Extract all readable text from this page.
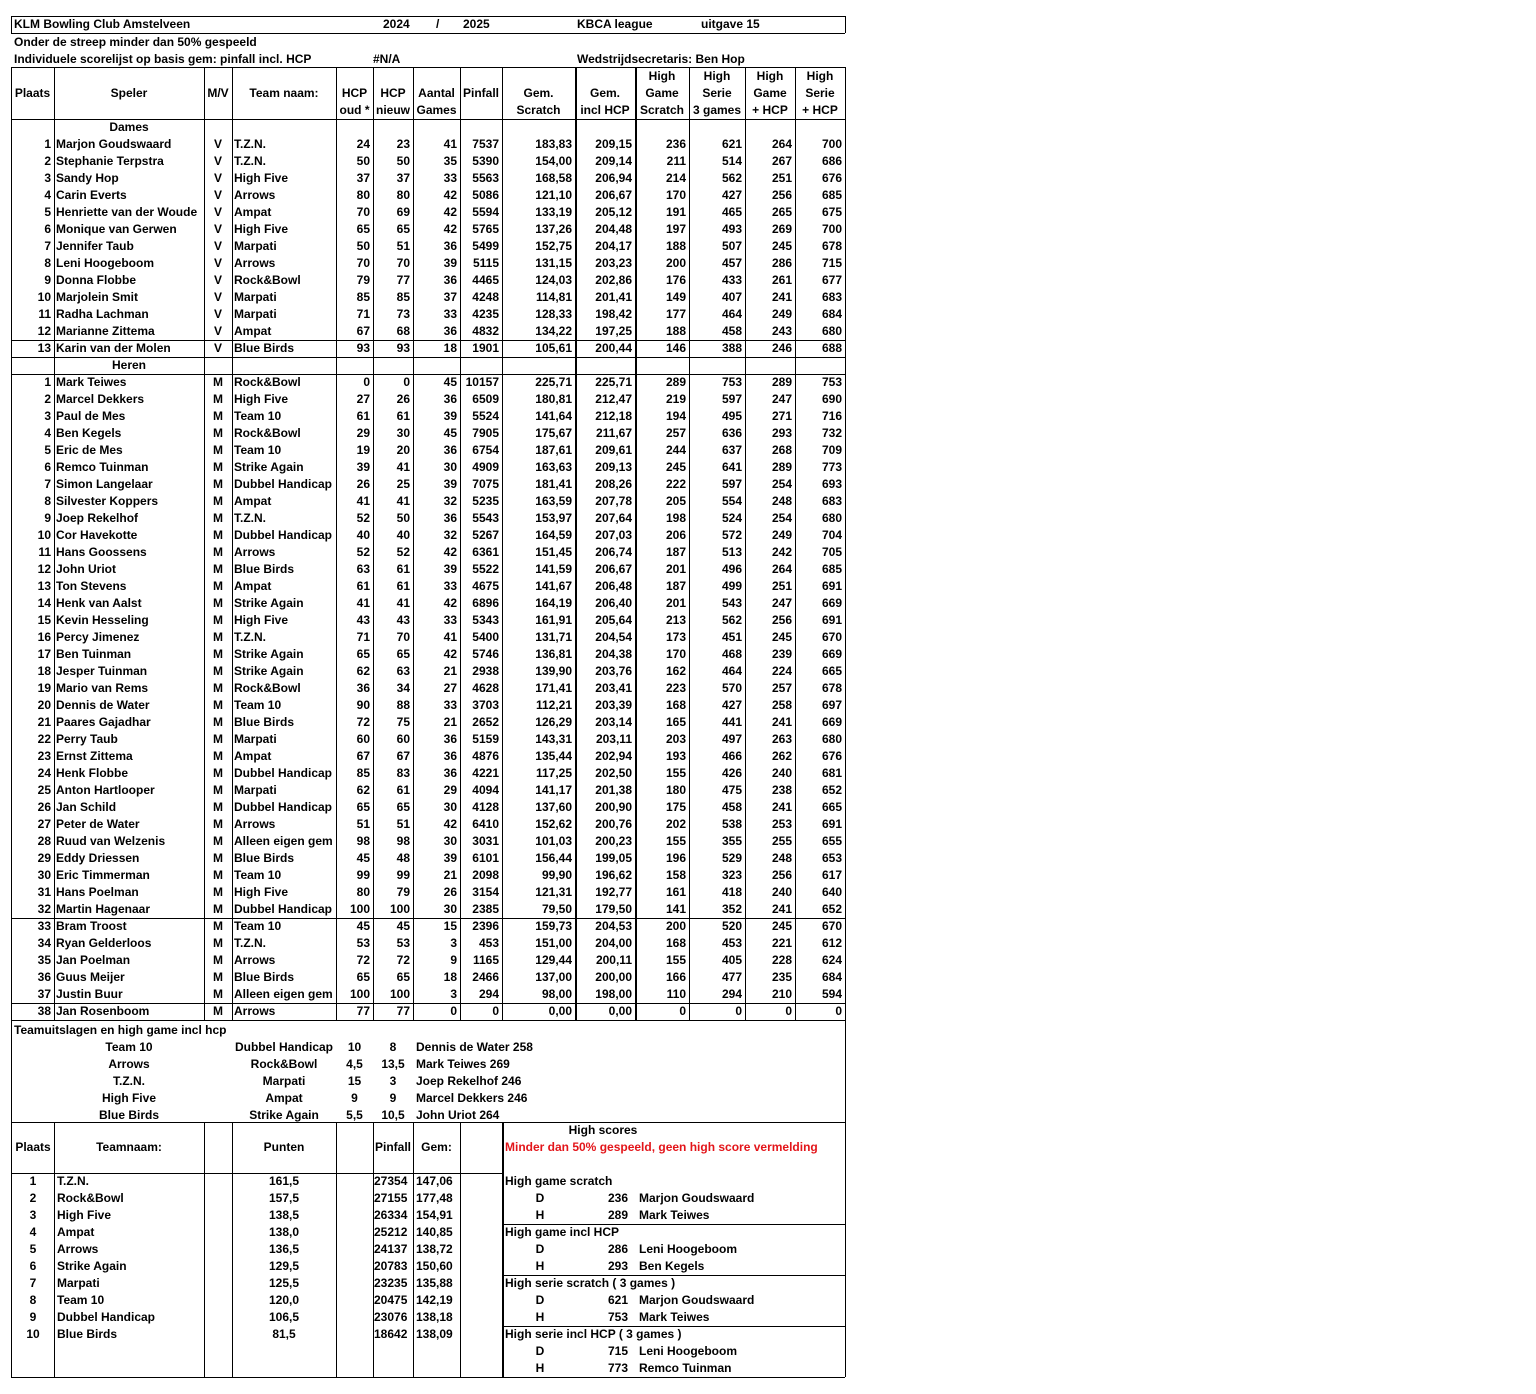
KLM Bowling Club Amstelveen	2024	/	2025	KBCA league	uitgave 15
Onder de streep minder dan 50% gespeeld
Individuele scorelijst op basis gem: pinfall incl. HCP	#N/A	Wedstrijdsecretaris: Ben Hop
Plaats	Speler	M/V	Team naam:	HCP
oud *
HCP
nieuw
Aantal
Games
Pinfall	Gem.
Scratch
Gem.
incl HCP
High
Game
Scratch
High
Serie
3 games
High
Game
+ HCP
High
Serie
+ HCP
Dames
Heren
1 Marjon Goudswaard	V	T.Z.N.	24	23	41	7537	183,83	209,15	236	621	264	700
2 Stephanie Terpstra	V	T.Z.N.	50	50	35	5390	154,00	209,14	211	514	267	686
3 Sandy Hop	V	High Five	37	37	33	5563	168,58	206,94	214	562	251	676
4 Carin Everts	V	Arrows	80	80	42	5086	121,10	206,67	170	427	256	685
5 Henriette van der Woude	V	Ampat	70	69	42	5594	133,19	205,12	191	465	265	675
6 Monique van Gerwen	V	High Five	65	65	42	5765	137,26	204,48	197	493	269	700
7 Jennifer Taub	V	Marpati	50	51	36	5499	152,75	204,17	188	507	245	678
8 Leni Hoogeboom	V	Arrows	70	70	39	5115	131,15	203,23	200	457	286	715
9 Donna Flobbe	V	Rock&Bowl	79	77	36	4465	124,03	202,86	176	433	261	677
10 Marjolein Smit	V	Marpati	85	85	37	4248	114,81	201,41	149	407	241	683
11 Radha Lachman	V	Marpati	71	73	33	4235	128,33	198,42	177	464	249	684
12 Marianne Zittema	V	Ampat	67	68	36	4832	134,22	197,25	188	458	243	680
13 Karin van der Molen	V	Blue Birds	93	93	18	1901	105,61	200,44	146	388	246	688
1 Mark Teiwes	M Rock&Bowl	0	0	45 10157	225,71	225,71	289	753	289	753
2 Marcel Dekkers	M High Five	27	26	36	6509	180,81	212,47	219	597	247	690
3 Paul de Mes	M Team 10	61	61	39	5524	141,64	212,18	194	495	271	716
4 Ben Kegels	M Rock&Bowl	29	30	45	7905	175,67	211,67	257	636	293	732
5 Eric de Mes	M Team 10	19	20	36	6754	187,61	209,61	244	637	268	709
6 Remco Tuinman	M Strike Again	39	41	30	4909	163,63	209,13	245	641	289	773
7 Simon Langelaar	M Dubbel Handicap	26	25	39	7075	181,41	208,26	222	597	254	693
8 Silvester Koppers	M Ampat	41	41	32	5235	163,59	207,78	205	554	248	683
9 Joep Rekelhof	M T.Z.N.	52	50	36	5543	153,97	207,64	198	524	254	680
10 Cor Havekotte	M Dubbel Handicap	40	40	32	5267	164,59	207,03	206	572	249	704
11 Hans Goossens	M Arrows	52	52	42	6361	151,45	206,74	187	513	242	705
12 John Uriot	M Blue Birds	63	61	39	5522	141,59	206,67	201	496	264	685
13 Ton Stevens	M Ampat	61	61	33	4675	141,67	206,48	187	499	251	691
14 Henk van Aalst	M Strike Again	41	41	42	6896	164,19	206,40	201	543	247	669
15 Kevin Hesseling	M High Five	43	43	33	5343	161,91	205,64	213	562	256	691
16 Percy Jimenez	M T.Z.N.	71	70	41	5400	131,71	204,54	173	451	245	670
17 Ben Tuinman	M Strike Again	65	65	42	5746	136,81	204,38	170	468	239	669
18 Jesper Tuinman	M Strike Again	62	63	21	2938	139,90	203,76	162	464	224	665
19 Mario van Rems	M Rock&Bowl	36	34	27	4628	171,41	203,41	223	570	257	678
20 Dennis de Water	M Team 10	90	88	33	3703	112,21	203,39	168	427	258	697
21 Paares Gajadhar	M Blue Birds	72	75	21	2652	126,29	203,14	165	441	241	669
22 Perry Taub	M Marpati	60	60	36	5159	143,31	203,11	203	497	263	680
23 Ernst Zittema	M Ampat	67	67	36	4876	135,44	202,94	193	466	262	676
24 Henk Flobbe	M Dubbel Handicap	85	83	36	4221	117,25	202,50	155	426	240	681
25 Anton Hartlooper	M Marpati	62	61	29	4094	141,17	201,38	180	475	238	652
26 Jan Schild	M Dubbel Handicap	65	65	30	4128	137,60	200,90	175	458	241	665
27 Peter de Water	M Arrows	51	51	42	6410	152,62	200,76	202	538	253	691
28 Ruud van Welzenis	M Alleen eigen gem	98	98	30	3031	101,03	200,23	155	355	255	655
29 Eddy Driessen	M Blue Birds	45	48	39	6101	156,44	199,05	196	529	248	653
30 Eric Timmerman	M Team 10	99	99	21	2098	99,90	196,62	158	323	256	617
31 Hans Poelman	M High Five	80	79	26	3154	121,31	192,77	161	418	240	640
32 Martin Hagenaar	M Dubbel Handicap	100	100	30	2385	79,50	179,50	141	352	241	652
33 Bram Troost	M Team 10	45	45	15	2396	159,73	204,53	200	520	245	670
34 Ryan Gelderloos	M T.Z.N.	53	53	3	453	151,00	204,00	168	453	221	612
35 Jan Poelman	M Arrows	72	72	9	1165	129,44	200,11	155	405	228	624
36 Guus Meijer	M Blue Birds	65	65	18	2466	137,00	200,00	166	477	235	684
37 Justin Buur	M Alleen eigen gem	100	100	3	294	98,00	198,00	110	294	210	594
38 Jan Rosenboom	M Arrows	77	77	0	0	0,00	0,00	0	0	0	0
Teamuitslagen en high game incl hcp
Team 10	Dubbel Handicap	10	8	Dennis de Water 258
Arrows	Rock&Bowl	4,5	13,5 Mark Teiwes 269
T.Z.N.	Marpati	15	3	Joep Rekelhof 246
High Five	Ampat	9	9	Marcel Dekkers 246
Blue Birds	Strike Again	5,5	10,5 John Uriot 264
Plaats	Teamnaam:	Punten	Pinfall Gem:
1	T.Z.N.	161,5	27354 147,06
2	Rock&Bowl	157,5	27155 177,48
3	High Five	138,5	26334 154,91
4	Ampat	138,0	25212 140,85
5	Arrows	136,5	24137 138,72
6	Strike Again	129,5	20783 150,60
7	Marpati	125,5	23235 135,88
8	Team 10	120,0	20475 142,19
9	Dubbel Handicap	106,5	23076 138,18
10	Blue Birds	81,5	18642 138,09
High scores
Minder dan 50% gespeeld, geen high score vermelding
High game scratch
D	236 Marjon Goudswaard
H	289 Mark Teiwes
High game incl HCP
D	286 Leni Hoogeboom
H	293 Ben Kegels
High serie scratch ( 3 games )
D	621 Marjon Goudswaard
H	753 Mark Teiwes
High serie incl HCP ( 3 games )
D	715 Leni Hoogeboom
H	773 Remco Tuinman
